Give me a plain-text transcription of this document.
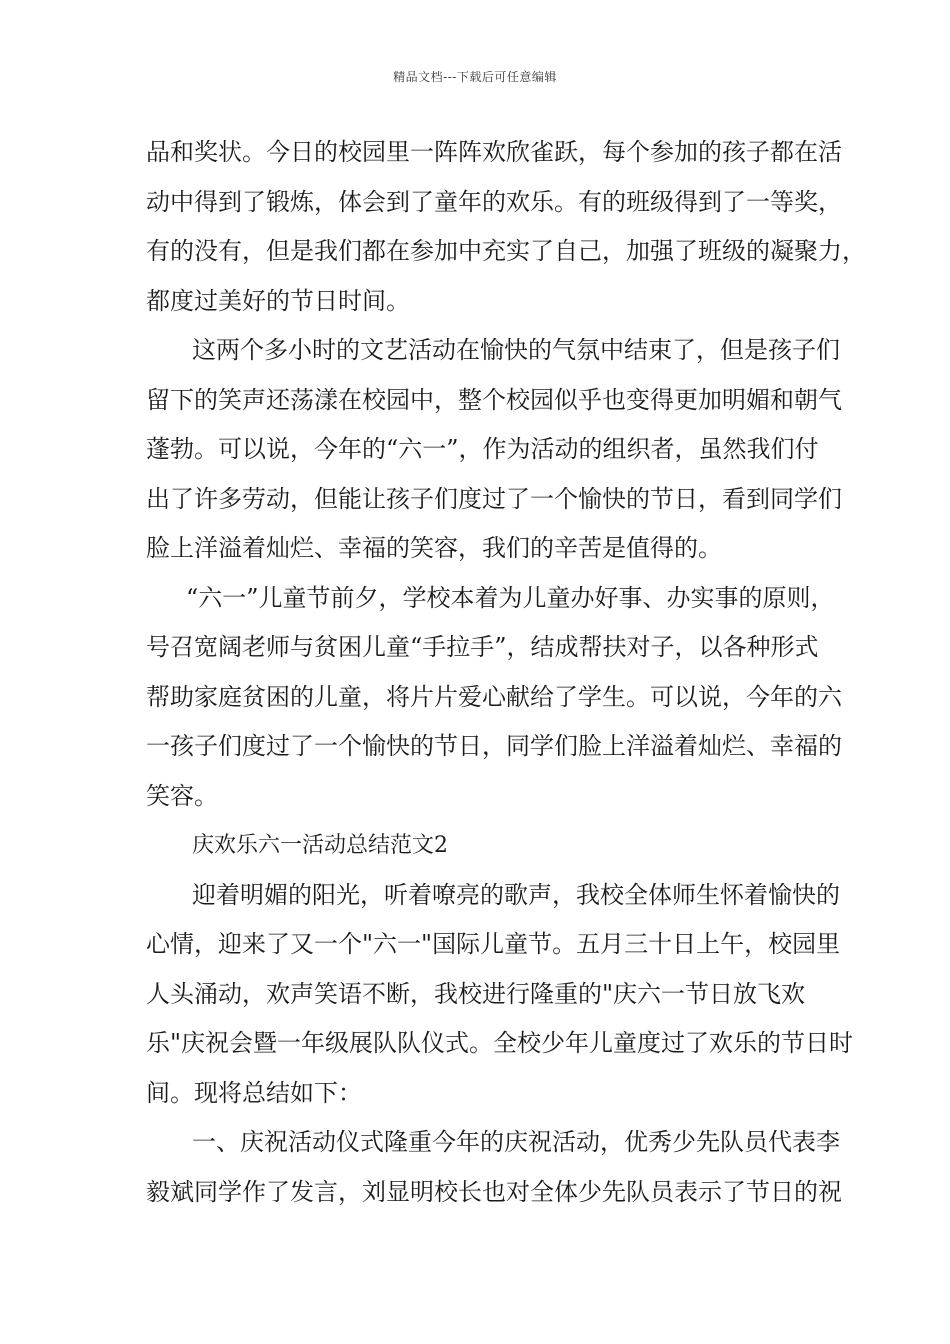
精品文档---下载后可任意编辑
品和奖状。今日的校园里一阵阵欢欣雀跃，每个参加的孩子都在活
动中得到了锻炼，体会到了童年的欢乐。有的班级得到了一等奖，
有的没有，但是我们都在参加中充实了自己，加强了班级的凝聚力，
都度过美好的节日时间。
这两个多小时的文艺活动在愉快的气氛中结束了，但是孩子们
留下的笑声还荡漾在校园中，整个校园似乎也变得更加明媚和朝气
蓬勃。可以说，今年的“六一”，作为活动的组织者，虽然我们付
出了许多劳动，但能让孩子们度过了一个愉快的节日，看到同学们
脸上洋溢着灿烂、幸福的笑容，我们的辛苦是值得的。
“六一”儿童节前夕，学校本着为儿童办好事、办实事的原则，
号召宽阔老师与贫困儿童“手拉手”，结成帮扶对子，以各种形式
帮助家庭贫困的儿童，将片片爱心献给了学生。可以说，今年的六
一孩子们度过了一个愉快的节日，同学们脸上洋溢着灿烂、幸福的
笑容。
庆欢乐六一活动总结范文2
迎着明媚的阳光，听着嘹亮的歌声，我校全体师生怀着愉快的
心情，迎来了又一个"六一"国际儿童节。五月三十日上午，校园里
人头涌动，欢声笑语不断，我校进行隆重的"庆六一节日放飞欢
乐"庆祝会暨一年级展队队仪式。全校少年儿童度过了欢乐的节日时
间。现将总结如下：
一、庆祝活动仪式隆重今年的庆祝活动，优秀少先队员代表李
毅斌同学作了发言，刘显明校长也对全体少先队员表示了节日的祝
